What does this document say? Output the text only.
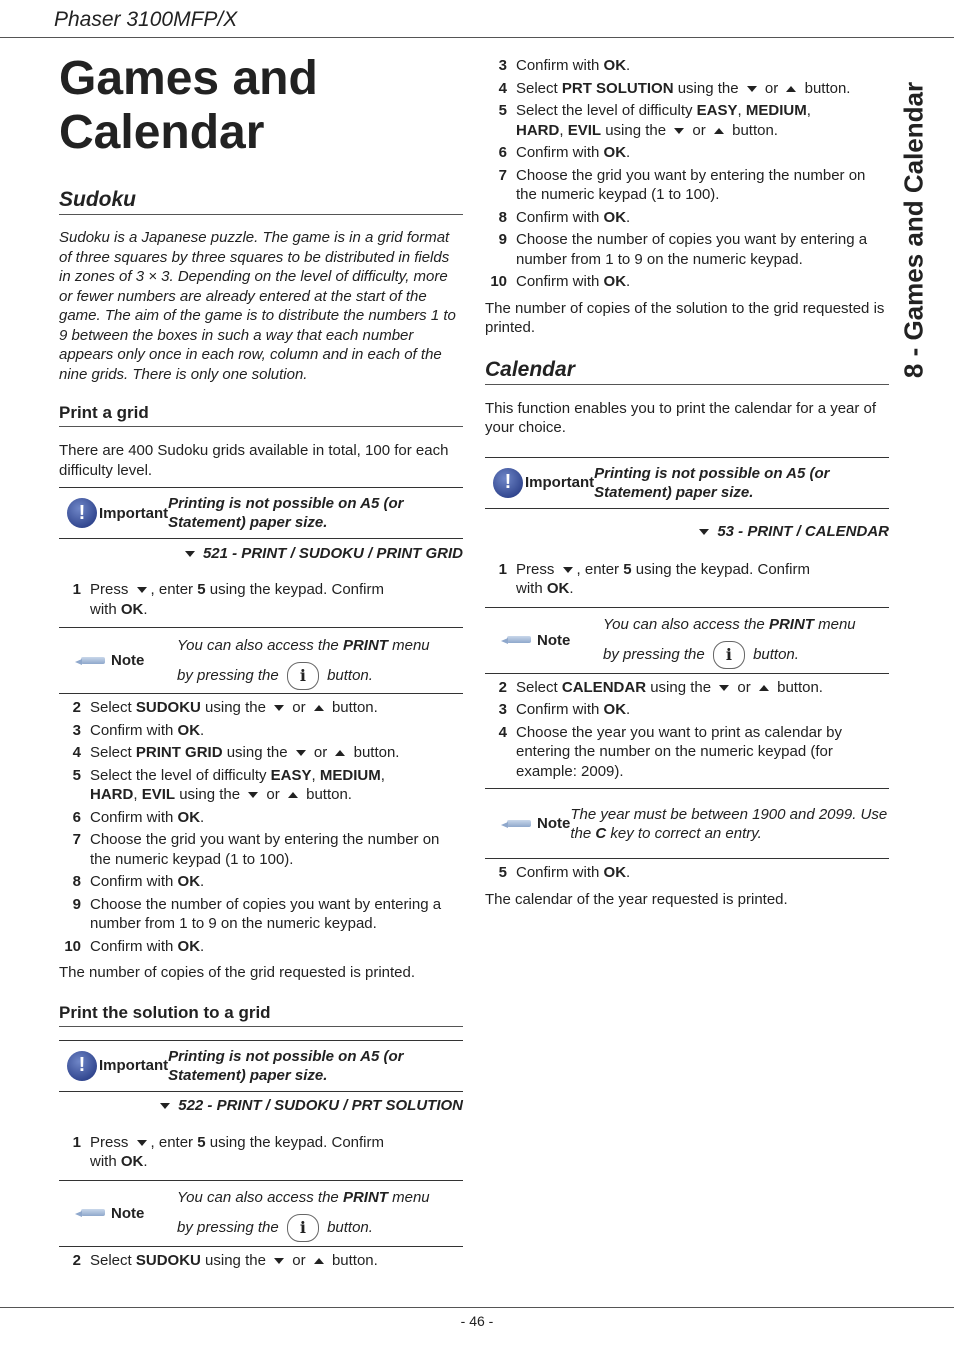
Phaser 3100MFP/X
8 - Games and Calendar
Games and
Calendar
Sudoku

Sudoku is a Japanese puzzle. The game is in a grid format of three squares by three squares to be distributed in fields in zones of 3 × 3. Depending on the level of difficulty, more or fewer numbers are already entered at the start of the game. The aim of the game is to distribute the numbers 1 to 9 between the boxes in such a way that each number appears only once in each row, column and in each of the nine grids. There is only one solution.

Print a grid

There are 400 Sudoku grids available in total, 100 for each difficulty level.

! Important
Printing is not possible on A5 (or Statement) paper size.
521 - PRINT / SUDOKU / PRINT GRID
1 Press , enter 5 using the keypad. Confirm
with OK.
Note
You can also access the PRINT menu
by pressing the i button.
2 Select SUDOKU using the  or  button.
3 Confirm with OK.
4 Select PRINT GRID using the  or  button.
5 Select the level of difficulty EASY, MEDIUM,
HARD, EVIL using the  or  button.
6 Confirm with OK.
7 Choose the grid you want by entering the number on the numeric keypad (1 to 100).
8 Confirm with OK.
9 Choose the number of copies you want by entering a number from 1 to 9 on the numeric keypad.
10 Confirm with OK.

The number of copies of the grid requested is printed.

Print the solution to a grid
! Important
Printing is not possible on A5 (or Statement) paper size.
522 - PRINT / SUDOKU / PRT SOLUTION
1 Press , enter 5 using the keypad. Confirm
with OK.
Note
You can also access the PRINT menu
by pressing the i button.
2 Select SUDOKU using the  or  button.
3 Confirm with OK.
4 Select PRT SOLUTION using the  or  button.
5 Select the level of difficulty EASY, MEDIUM,
HARD, EVIL using the  or  button.
6 Confirm with OK.
7 Choose the grid you want by entering the number on the numeric keypad (1 to 100).
8 Confirm with OK.
9 Choose the number of copies you want by entering a number from 1 to 9 on the numeric keypad.
10 Confirm with OK.

The number of copies of the solution to the grid requested is printed.

Calendar

This function enables you to print the calendar for a year of your choice.

! Important
Printing is not possible on A5 (or Statement) paper size.
53 - PRINT / CALENDAR
1 Press , enter 5 using the keypad. Confirm
with OK.
Note
You can also access the PRINT menu
by pressing the i button.
2 Select CALENDAR using the  or  button.
3 Confirm with OK.
4 Choose the year you want to print as calendar by entering the number on the numeric keypad (for example: 2009).
Note
The year must be between 1900 and 2099. Use the C key to correct an entry.
5 Confirm with OK.

The calendar of the year requested is printed.

- 46 -
